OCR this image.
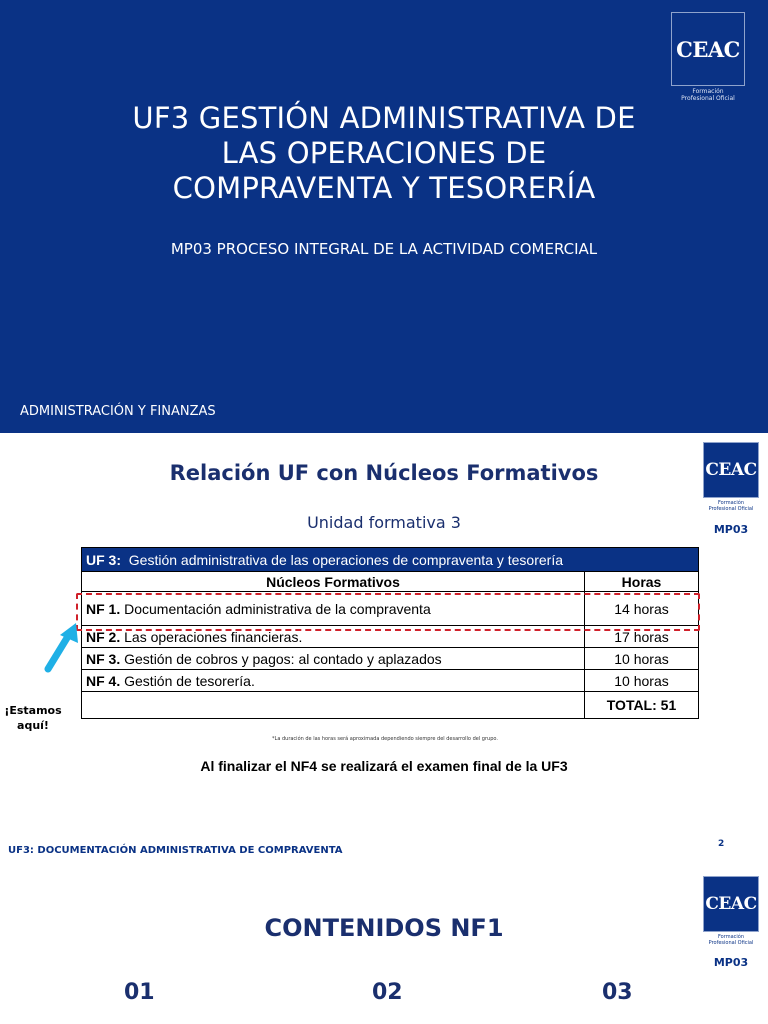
CEAC
Formación
Profesional Oficial
UF3 GESTIÓN ADMINISTRATIVA DE
LAS OPERACIONES DE
COMPRAVENTA Y TESORERÍA
MP03 PROCESO INTEGRAL DE LA ACTIVIDAD COMERCIAL
ADMINISTRACIÓN Y FINANZAS
CEAC
Formación
Profesional Oficial
MP03
Relación UF con Núcleos Formativos
Unidad formativa 3
UF 3: Gestión administrativa de las operaciones de compraventa y tesorería	
Núcleos Formativos	Horas
NF 1. Documentación administrativa de la compraventa	14 horas
NF 2. Las operaciones financieras.	17 horas
NF 3. Gestión de cobros y pagos: al contado y aplazados	10 horas
NF 4. Gestión de tesorería.	10 horas
	TOTAL: 51
¡Estamos
aquí!
*La duración de las horas será aproximada dependiendo siempre del desarrollo del grupo.
Al finalizar el NF4 se realizará el examen final de la UF3
UF3: DOCUMENTACIÓN ADMINISTRATIVA DE COMPRAVENTA
2
CEAC
Formación
Profesional Oficial
MP03
CONTENIDOS NF1
01	02	03
